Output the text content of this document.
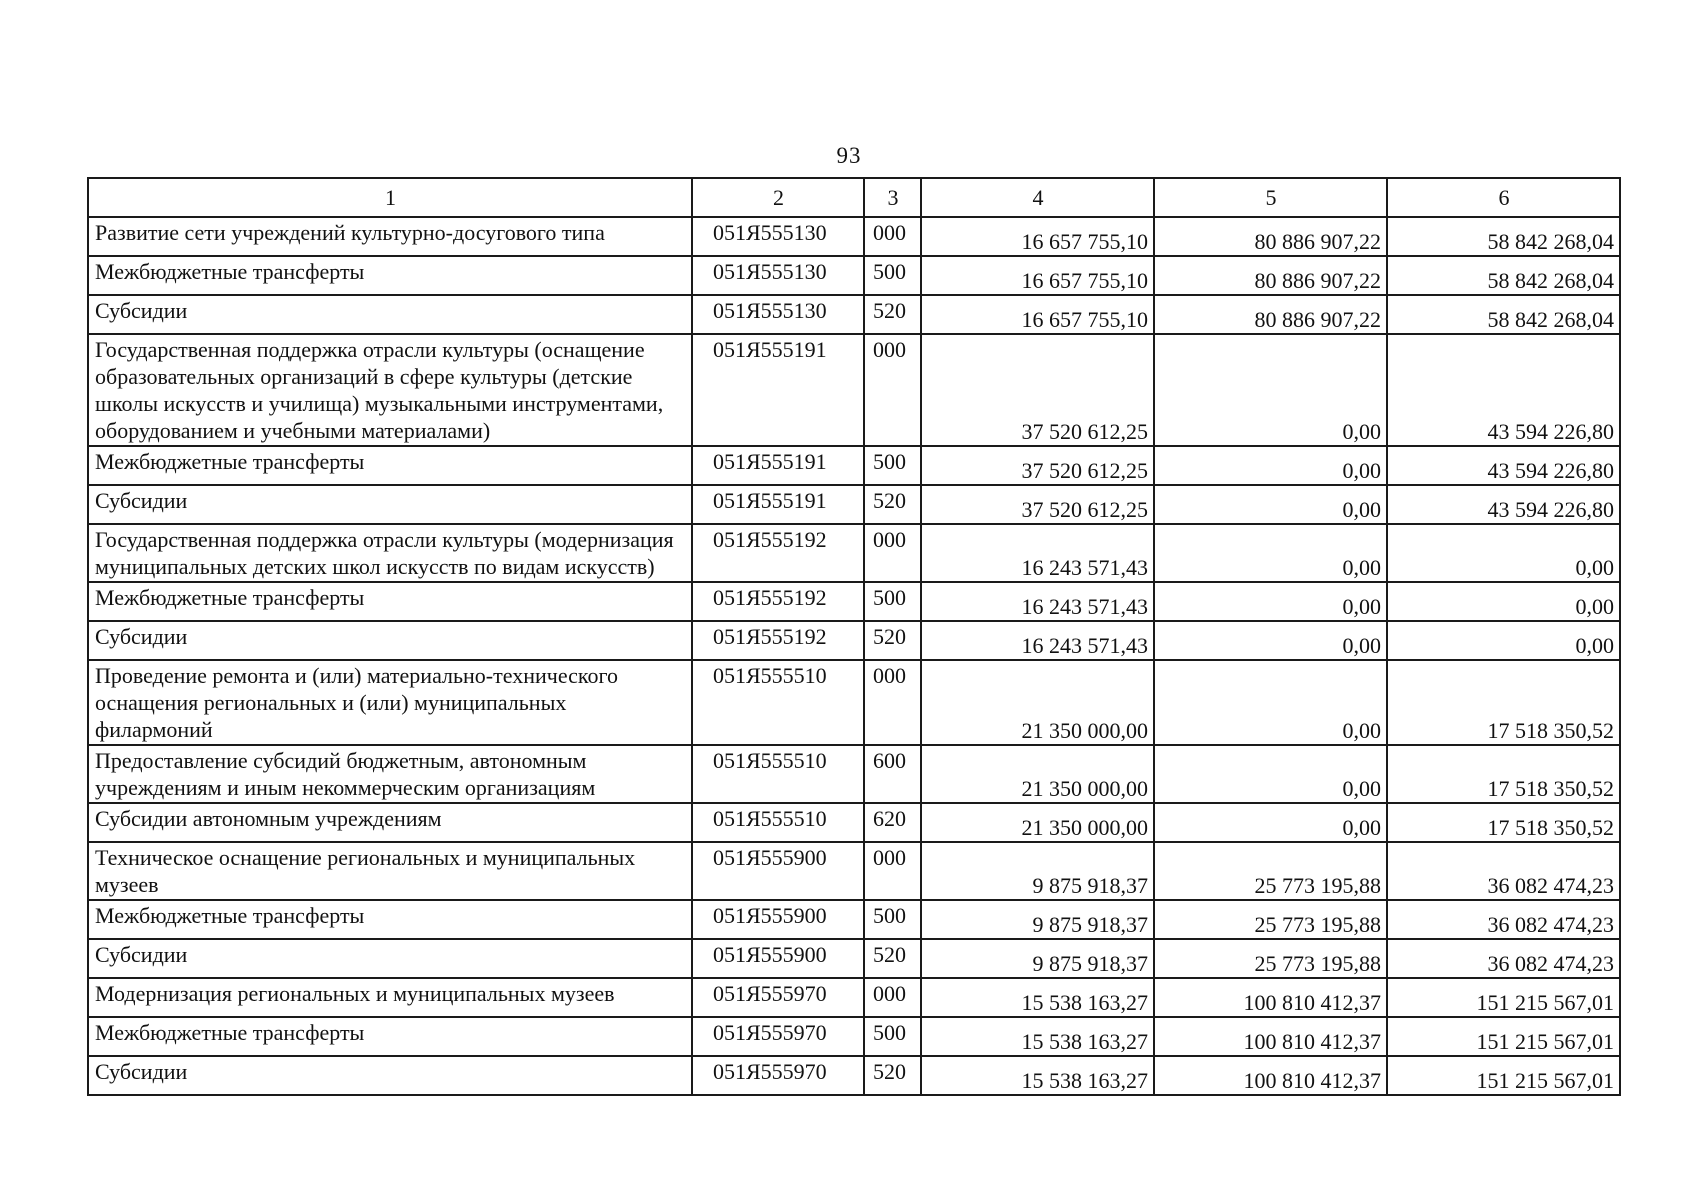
93
1	2	3	4	5	6
Развитие сети учреждений культурно-досугового типа	051Я555130	000	16 657 755,10	80 886 907,22	58 842 268,04
Межбюджетные трансферты	051Я555130	500	16 657 755,10	80 886 907,22	58 842 268,04
Субсидии	051Я555130	520	16 657 755,10	80 886 907,22	58 842 268,04
Государственная поддержка отрасли культуры (оснащение образовательных организаций в сфере культуры (детские школы искусств и училища) музыкальными инструментами, оборудованием и учебными материалами)	051Я555191	000	37 520 612,25	0,00	43 594 226,80
Межбюджетные трансферты	051Я555191	500	37 520 612,25	0,00	43 594 226,80
Субсидии	051Я555191	520	37 520 612,25	0,00	43 594 226,80
Государственная поддержка отрасли культуры (модернизация муниципальных детских школ искусств по видам искусств)	051Я555192	000	16 243 571,43	0,00	0,00
Межбюджетные трансферты	051Я555192	500	16 243 571,43	0,00	0,00
Субсидии	051Я555192	520	16 243 571,43	0,00	0,00
Проведение ремонта и (или) материально-технического оснащения региональных и (или) муниципальных филармоний	051Я555510	000	21 350 000,00	0,00	17 518 350,52
Предоставление субсидий бюджетным, автономным учреждениям и иным некоммерческим организациям	051Я555510	600	21 350 000,00	0,00	17 518 350,52
Субсидии автономным учреждениям	051Я555510	620	21 350 000,00	0,00	17 518 350,52
Техническое оснащение региональных и муниципальных музеев	051Я555900	000	9 875 918,37	25 773 195,88	36 082 474,23
Межбюджетные трансферты	051Я555900	500	9 875 918,37	25 773 195,88	36 082 474,23
Субсидии	051Я555900	520	9 875 918,37	25 773 195,88	36 082 474,23
Модернизация региональных и муниципальных музеев	051Я555970	000	15 538 163,27	100 810 412,37	151 215 567,01
Межбюджетные трансферты	051Я555970	500	15 538 163,27	100 810 412,37	151 215 567,01
Субсидии	051Я555970	520	15 538 163,27	100 810 412,37	151 215 567,01
